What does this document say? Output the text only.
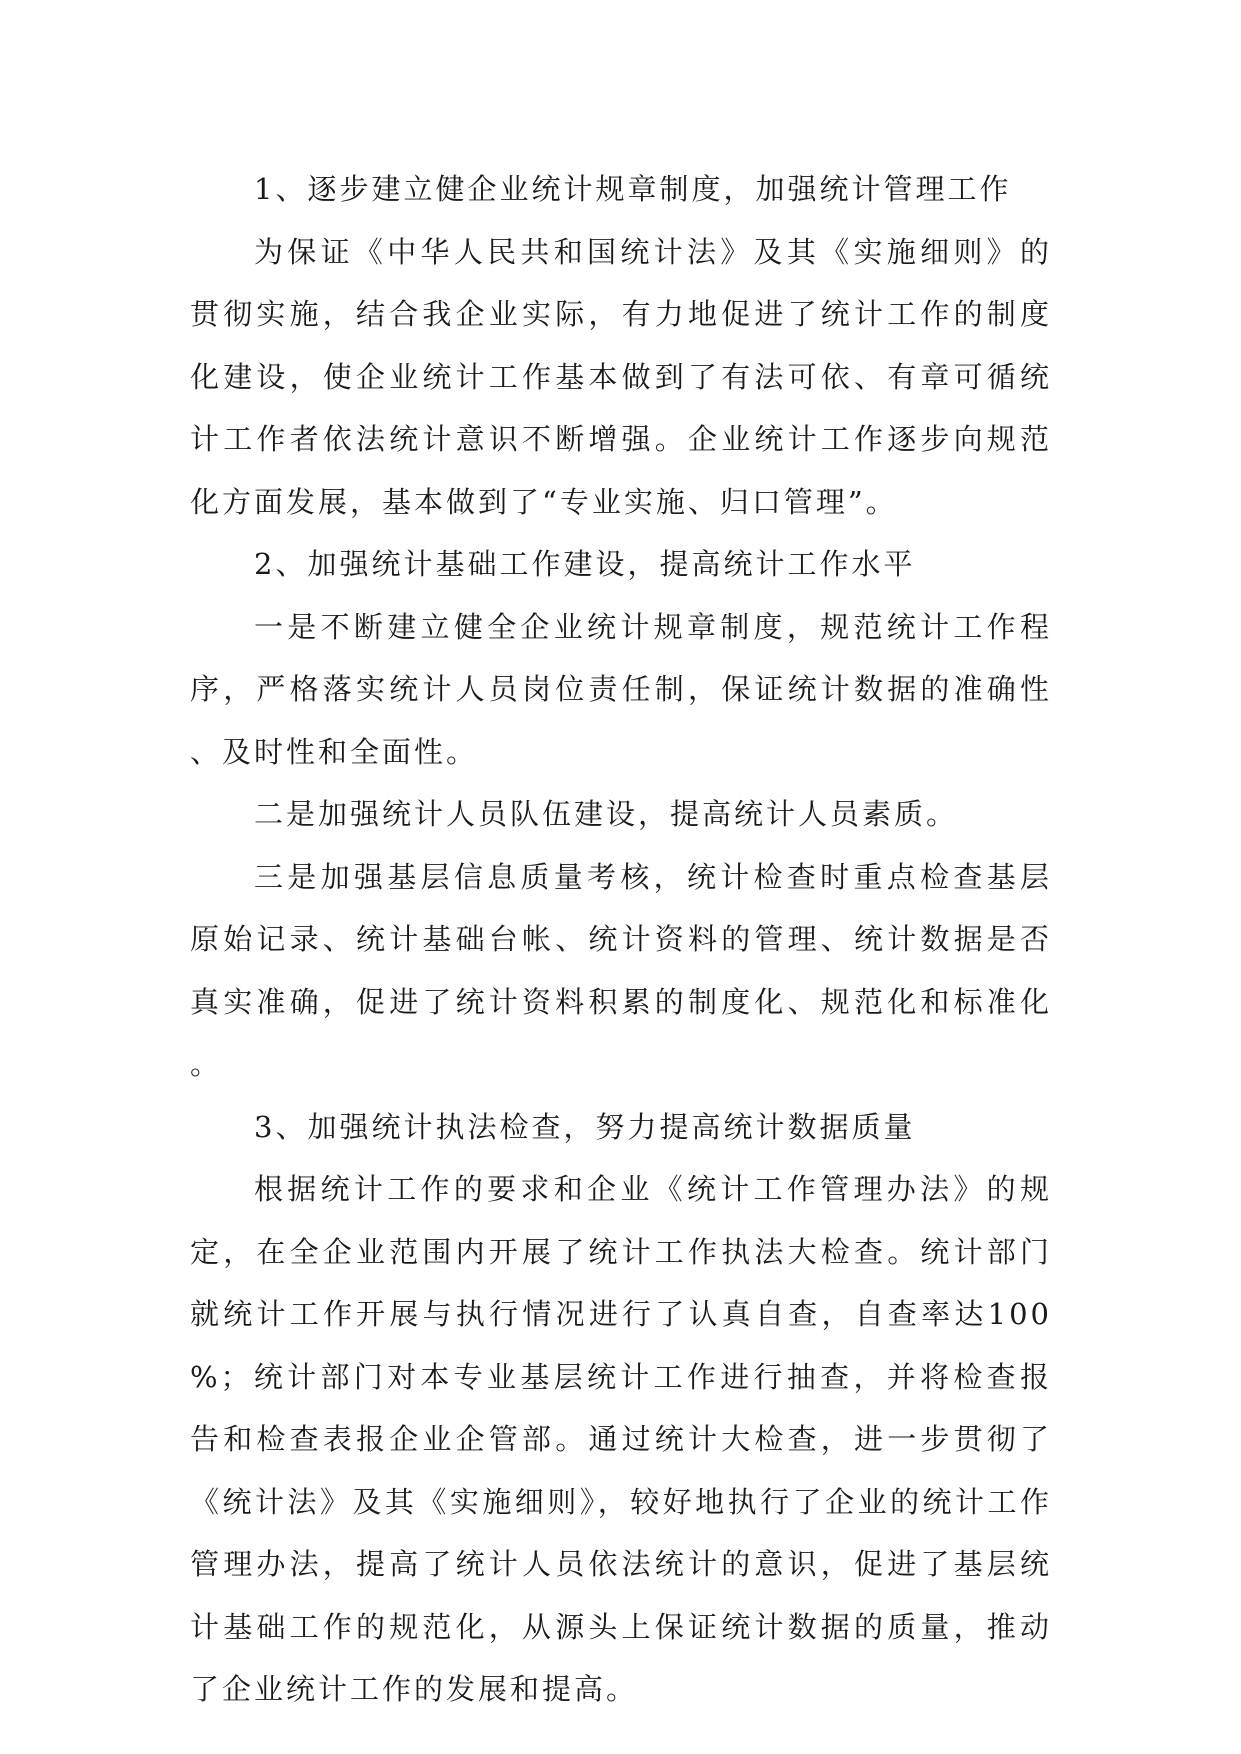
1、逐步建立健企业统计规章制度，加强统计管理工作

为保证《中华人民共和国统计法》及其《实施细则》的贯彻实施，结合我企业实际，有力地促进了统计工作的制度化建设，使企业统计工作基本做到了有法可依、有章可循统计工作者依法统计意识不断增强。企业统计工作逐步向规范化方面发展，基本做到了“专业实施、归口管理”。

2、加强统计基础工作建设，提高统计工作水平

一是不断建立健全企业统计规章制度，规范统计工作程序，严格落实统计人员岗位责任制，保证统计数据的准确性、及时性和全面性。

二是加强统计人员队伍建设，提高统计人员素质。

三是加强基层信息质量考核，统计检查时重点检查基层原始记录、统计基础台帐、统计资料的管理、统计数据是否真实准确，促进了统计资料积累的制度化、规范化和标准化。

3、加强统计执法检查，努力提高统计数据质量

根据统计工作的要求和企业《统计工作管理办法》的规定，在全企业范围内开展了统计工作执法大检查。统计部门就统计工作开展与执行情况进行了认真自查，自查率达100%；统计部门对本专业基层统计工作进行抽查，并将检查报告和检查表报企业企管部。通过统计大检查，进一步贯彻了《统计法》及其《实施细则》，较好地执行了企业的统计工作管理办法，提高了统计人员依法统计的意识，促进了基层统计基础工作的规范化，从源头上保证统计数据的质量，推动了企业统计工作的发展和提高。
